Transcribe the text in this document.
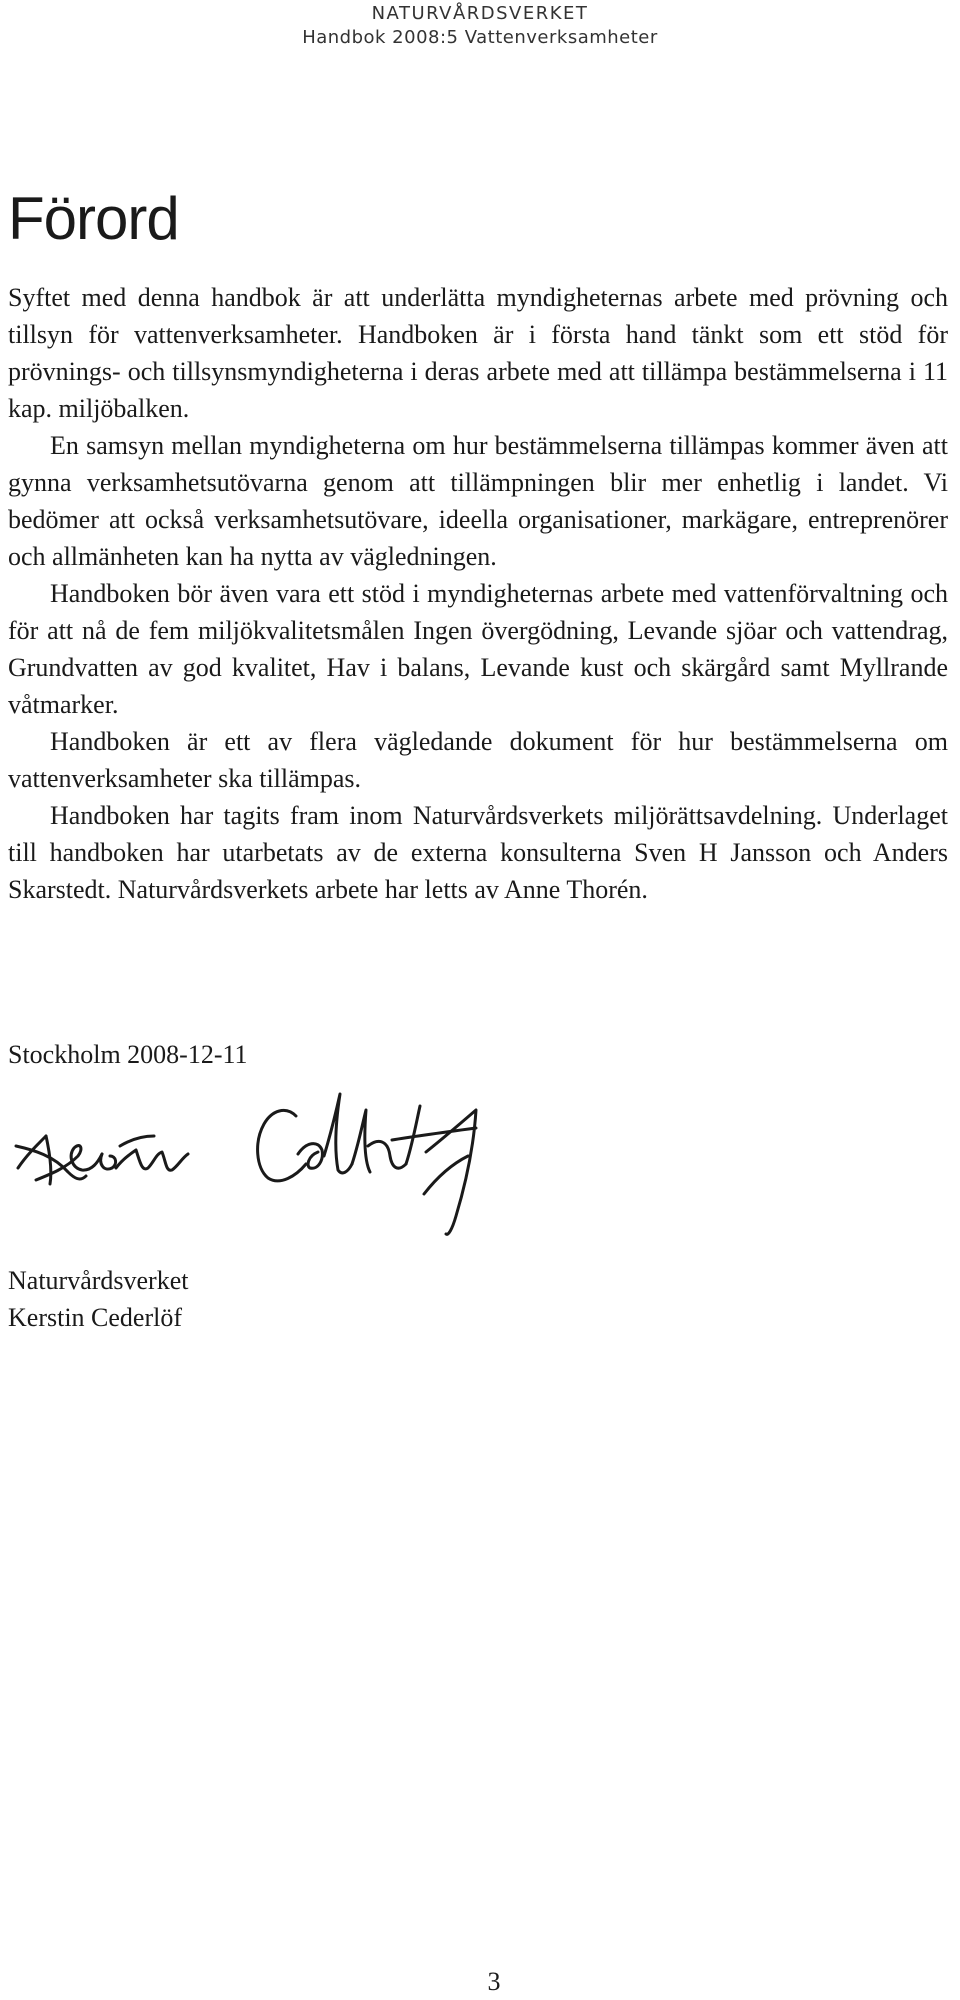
NATURVÅRDSVERKET
Handbok 2008:5 Vattenverksamheter
Förord

Syftet med denna handbok är att underlätta myndigheternas arbete med prövning och tillsyn för vattenverksamheter. Handboken är i första hand tänkt som ett stöd för prövnings- och tillsynsmyndigheterna i deras arbete med att tillämpa bestämmelserna i 11 kap. miljöbalken.

En samsyn mellan myndigheterna om hur bestämmelserna tillämpas kommer även att gynna verksamhetsutövarna genom att tillämpningen blir mer enhetlig i landet. Vi bedömer att också verksamhetsutövare, ideella organisationer, markägare, entreprenörer och allmänheten kan ha nytta av vägledningen.

Handboken bör även vara ett stöd i myndigheternas arbete med vattenförvaltning och för att nå de fem miljökvalitetsmålen Ingen övergödning, Levande sjöar och vattendrag, Grundvatten av god kvalitet, Hav i balans, Levande kust och skärgård samt Myllrande våtmarker.

Handboken är ett av flera vägledande dokument för hur bestämmelserna om vattenverksamheter ska tillämpas.

Handboken har tagits fram inom Naturvårdsverkets miljörättsavdelning. Underlaget till handboken har utarbetats av de externa konsulterna Sven H Jansson och Anders Skarstedt. Naturvårdsverkets arbete har letts av Anne Thorén.

Stockholm 2008-12-11

Naturvårdsverket
Kerstin Cederlöf
3
